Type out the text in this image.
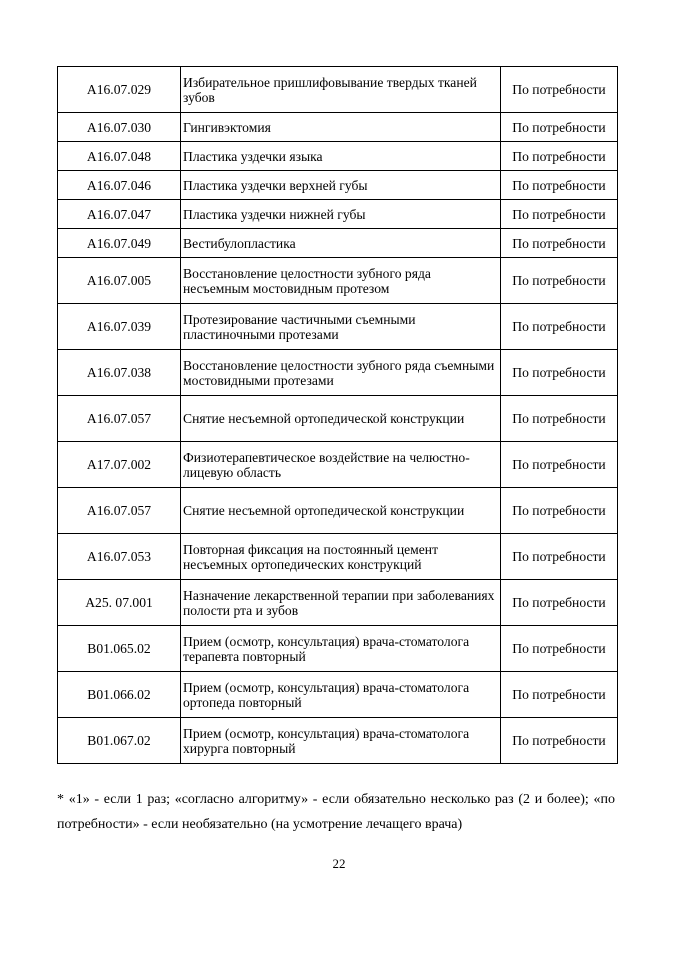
A16.07.029	Избирательное пришлифовывание твердых тканей зубов	По потребности
A16.07.030	Гингивэктомия	По потребности
A16.07.048	Пластика уздечки языка	По потребности
A16.07.046	Пластика уздечки верхней губы	По потребности
A16.07.047	Пластика уздечки нижней губы	По потребности
A16.07.049	Вестибулопластика	По потребности
A16.07.005	Восстановление целостности зубного ряда несъемным мостовидным протезом	По потребности
A16.07.039	Протезирование частичными съемными пластиночными протезами	По потребности
A16.07.038	Восстановление целостности зубного ряда съемными мостовидными протезами	По потребности
A16.07.057	Снятие несъемной ортопедической конструкции	По потребности
A17.07.002	Физиотерапевтическое воздействие на челюстно-лицевую область	По потребности
A16.07.057	Снятие несъемной ортопедической конструкции	По потребности
A16.07.053	Повторная фиксация на постоянный цемент несъемных ортопедических конструкций	По потребности
A25. 07.001	Назначение лекарственной терапии при заболеваниях полости рта и зубов	По потребности
B01.065.02	Прием (осмотр, консультация) врача-стоматолога терапевта повторный	По потребности
B01.066.02	Прием (осмотр, консультация) врача-стоматолога ортопеда повторный	По потребности
B01.067.02	Прием (осмотр, консультация) врача-стоматолога хирурга повторный	По потребности
* «1» - если 1 раз; «согласно алгоритму» - если обязательно несколько раз (2 и более); «по потребности» - если необязательно (на усмотрение лечащего врача)
22
